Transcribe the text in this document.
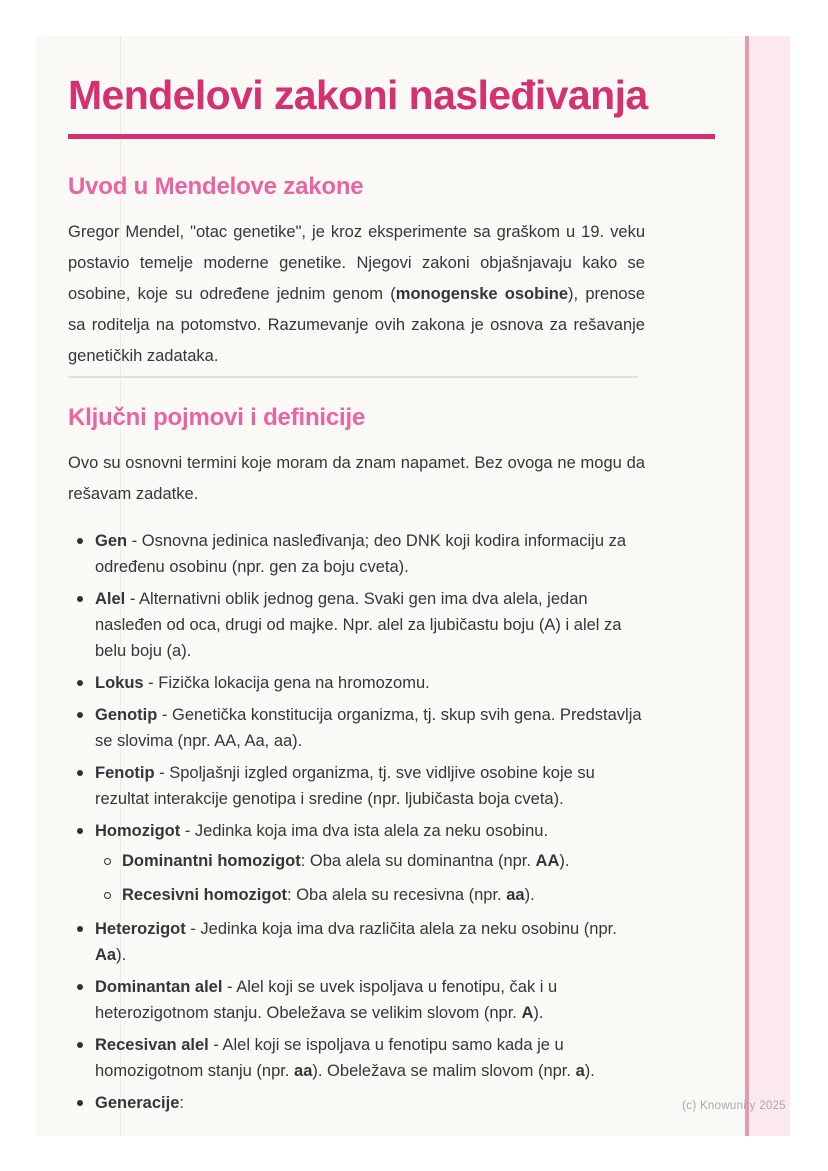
Mendelovi zakoni nasleđivanja
Uvod u Mendelove zakone

Gregor Mendel, "otac genetike", je kroz eksperimente sa graškom u 19. veku postavio temelje moderne genetike. Njegovi zakoni objašnjavaju kako se osobine, koje su određene jednim genom (monogenske osobine), prenose sa roditelja na potomstvo. Razumevanje ovih zakona je osnova za rešavanje genetičkih zadataka.

Ključni pojmovi i definicije

Ovo su osnovni termini koje moram da znam napamet. Bez ovoga ne mogu da rešavam zadatke.

Gen - Osnovna jedinica nasleđivanja; deo DNK koji kodira informaciju za određenu osobinu (npr. gen za boju cveta).
Alel - Alternativni oblik jednog gena. Svaki gen ima dva alela, jedan nasleđen od oca, drugi od majke. Npr. alel za ljubičastu boju (A) i alel za belu boju (a).
Lokus - Fizička lokacija gena na hromozomu.
Genotip - Genetička konstitucija organizma, tj. skup svih gena. Predstavlja se slovima (npr. AA, Aa, aa).
Fenotip - Spoljašnji izgled organizma, tj. sve vidljive osobine koje su rezultat interakcije genotipa i sredine (npr. ljubičasta boja cveta).
Homozigot - Jedinka koja ima dva ista alela za neku osobinu.
Dominantni homozigot: Oba alela su dominantna (npr. AA).
Recesivni homozigot: Oba alela su recesivna (npr. aa).
Heterozigot - Jedinka koja ima dva različita alela za neku osobinu (npr. Aa).
Dominantan alel - Alel koji se uvek ispoljava u fenotipu, čak i u heterozigotnom stanju. Obeležava se velikim slovom (npr. A).
Recesivan alel - Alel koji se ispoljava u fenotipu samo kada je u homozigotnom stanju (npr. aa). Obeležava se malim slovom (npr. a).
Generacije:	(c) Knowunity 2025
